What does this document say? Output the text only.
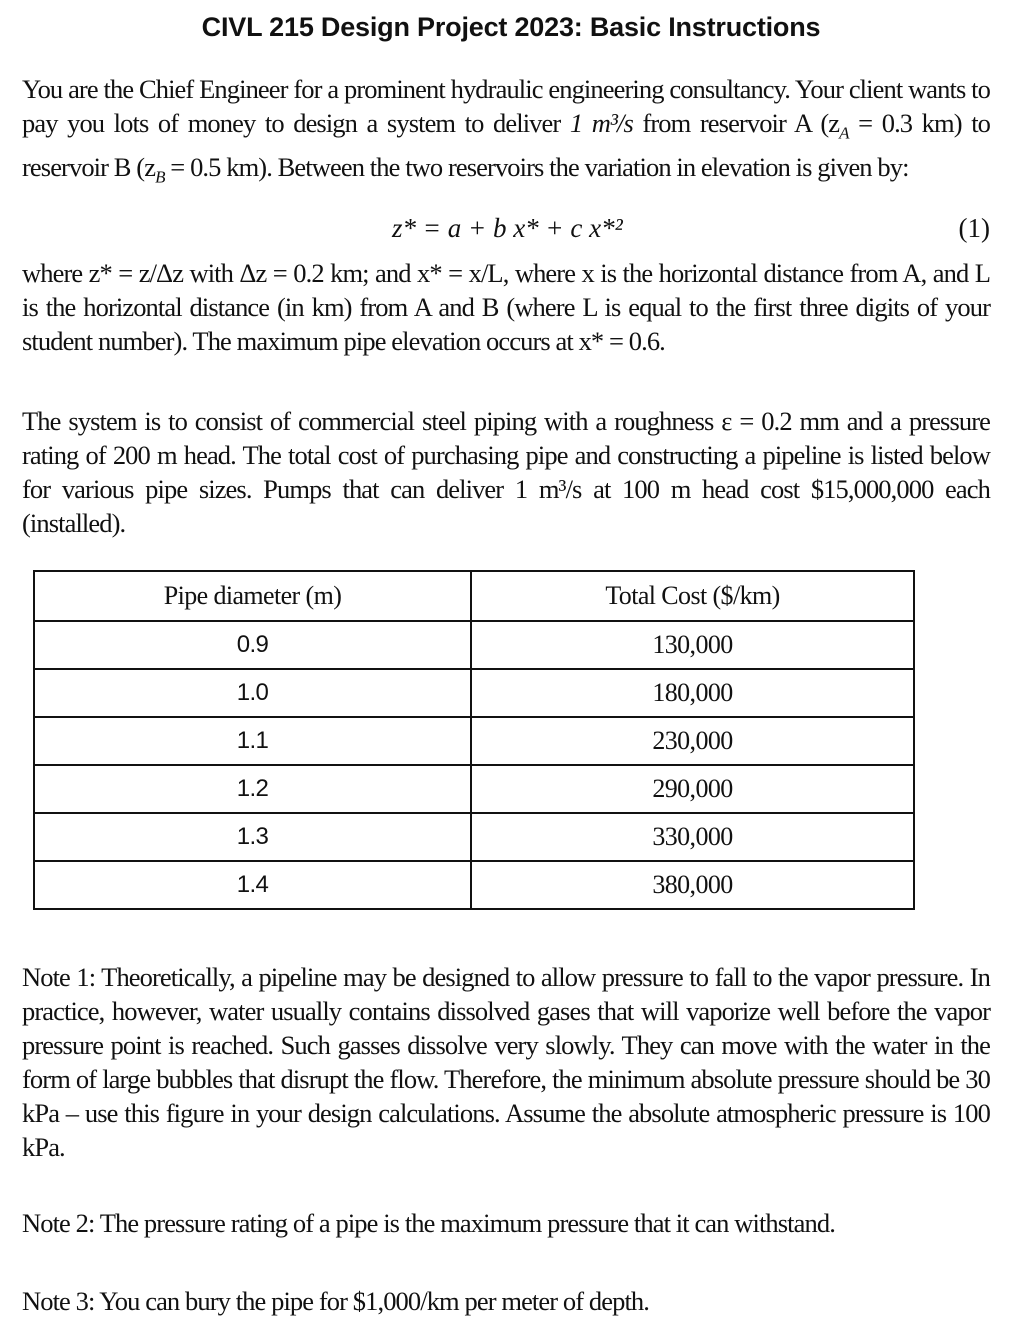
CIVL 215 Design Project 2023: Basic Instructions
You are the Chief Engineer for a prominent hydraulic engineering consultancy. Your client wants to pay you lots of money to design a system to deliver 1 m³/s from reservoir A ($z_A = 0.3$ km) to reservoir B ($z_B = 0.5$ km). Between the two reservoirs the variation in elevation is given by:
z* = a + b x* + c x*²	(1)
where z* = z/Δz with Δz = 0.2 km; and x* = x/L, where x is the horizontal distance from A, and L is the horizontal distance (in km) from A and B (where L is equal to the first three digits of your student number). The maximum pipe elevation occurs at x* = 0.6.
The system is to consist of commercial steel piping with a roughness ε = 0.2 mm and a pressure rating of 200 m head. The total cost of purchasing pipe and constructing a pipeline is listed below for various pipe sizes. Pumps that can deliver 1 m³/s at 100 m head cost $15,000,000 each (installed).
Pipe diameter (m)	Total Cost ($/km)
0.9	130,000
1.0	180,000
1.1	230,000
1.2	290,000
1.3	330,000
1.4	380,000
Note 1: Theoretically, a pipeline may be designed to allow pressure to fall to the vapor pressure. In practice, however, water usually contains dissolved gases that will vaporize well before the vapor pressure point is reached. Such gasses dissolve very slowly. They can move with the water in the form of large bubbles that disrupt the flow. Therefore, the minimum absolute pressure should be 30 kPa – use this figure in your design calculations. Assume the absolute atmospheric pressure is 100 kPa.
Note 2: The pressure rating of a pipe is the maximum pressure that it can withstand.
Note 3: You can bury the pipe for $1,000/km per meter of depth.
